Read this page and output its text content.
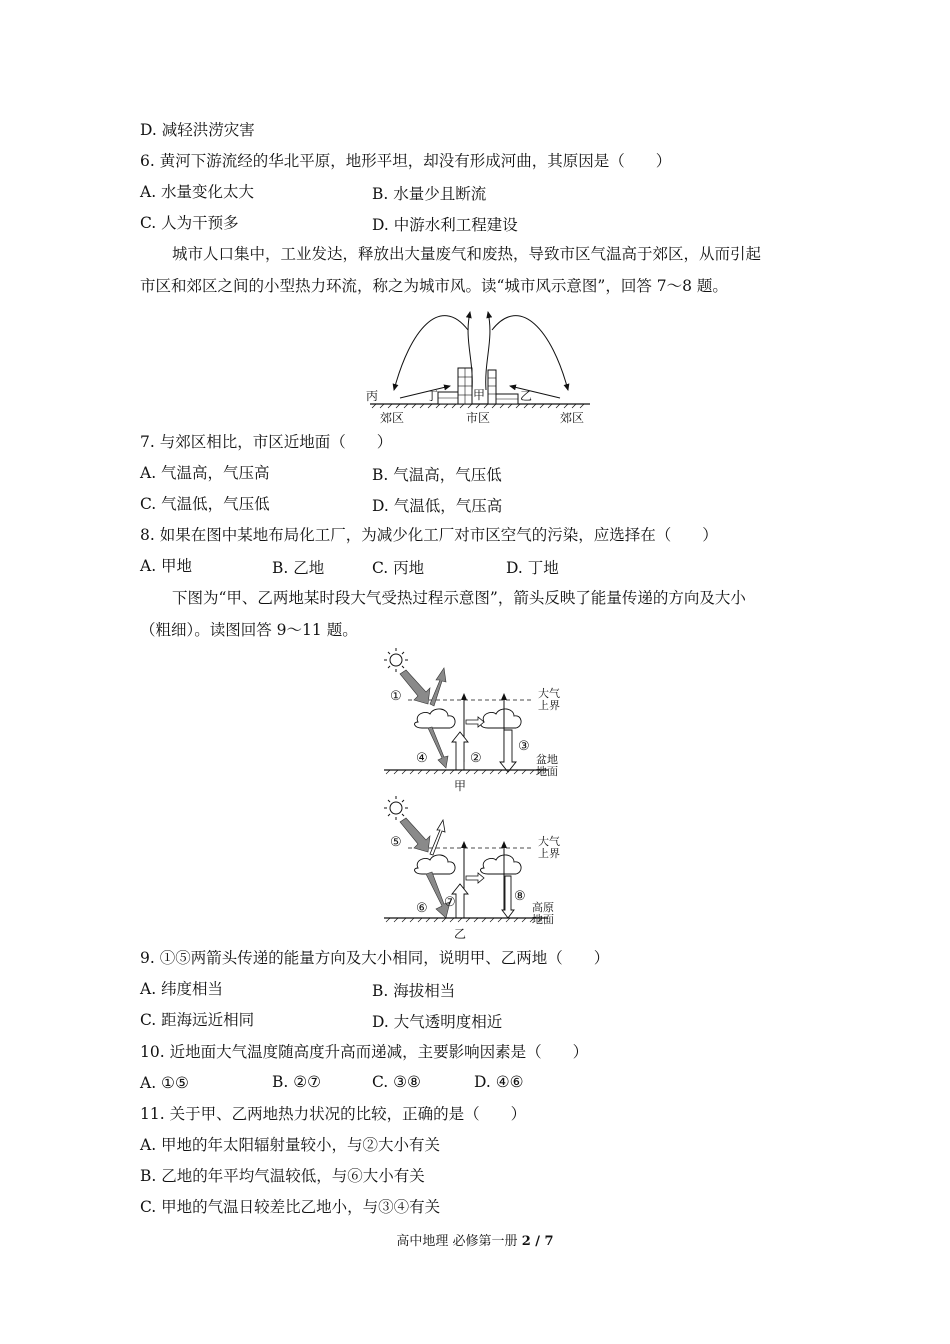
D. 减轻洪涝灾害
6. 黄河下游流经的华北平原，地形平坦，却没有形成河曲，其原因是（　　）
A. 水量变化太大	B. 水量少且断流
C. 人为干预多	D. 中游水利工程建设
城市人口集中，工业发达，释放出大量废气和废热，导致市区气温高于郊区，从而引起
市区和郊区之间的小型热力环流，称之为城市风。读“城市风示意图”，回答 7～8 题。
丙	丁	甲	乙
郊区	市区	郊区
7. 与郊区相比，市区近地面（　　）
A. 气温高，气压高	B. 气温高，气压低
C. 气温低，气压低	D. 气温低，气压高
8. 如果在图中某地布局化工厂，为减少化工厂对市区空气的污染，应选择在（　　）
A. 甲地	B. 乙地	C. 丙地	D. 丁地
下图为“甲、乙两地某时段大气受热过程示意图”，箭头反映了能量传递的方向及大小
（粗细）。读图回答 9～11 题。
①
④	②
③
大气
上界
盆地
地面
甲
⑤
⑥ ⑦	⑧
大气
上界
高原
地面
乙
9. ①⑤两箭头传递的能量方向及大小相同，说明甲、乙两地（　　）
A. 纬度相当	B. 海拔相当
C. 距海远近相同	D. 大气透明度相近
10. 近地面大气温度随高度升高而递减，主要影响因素是（　　）
A. ①⑤	B. ②⑦	C. ③⑧	D. ④⑥
11. 关于甲、乙两地热力状况的比较，正确的是（　　）
A. 甲地的年太阳辐射量较小，与②大小有关
B. 乙地的年平均气温较低，与⑥大小有关
C. 甲地的气温日较差比乙地小，与③④有关
高中地理 必修第一册 2 / 7
